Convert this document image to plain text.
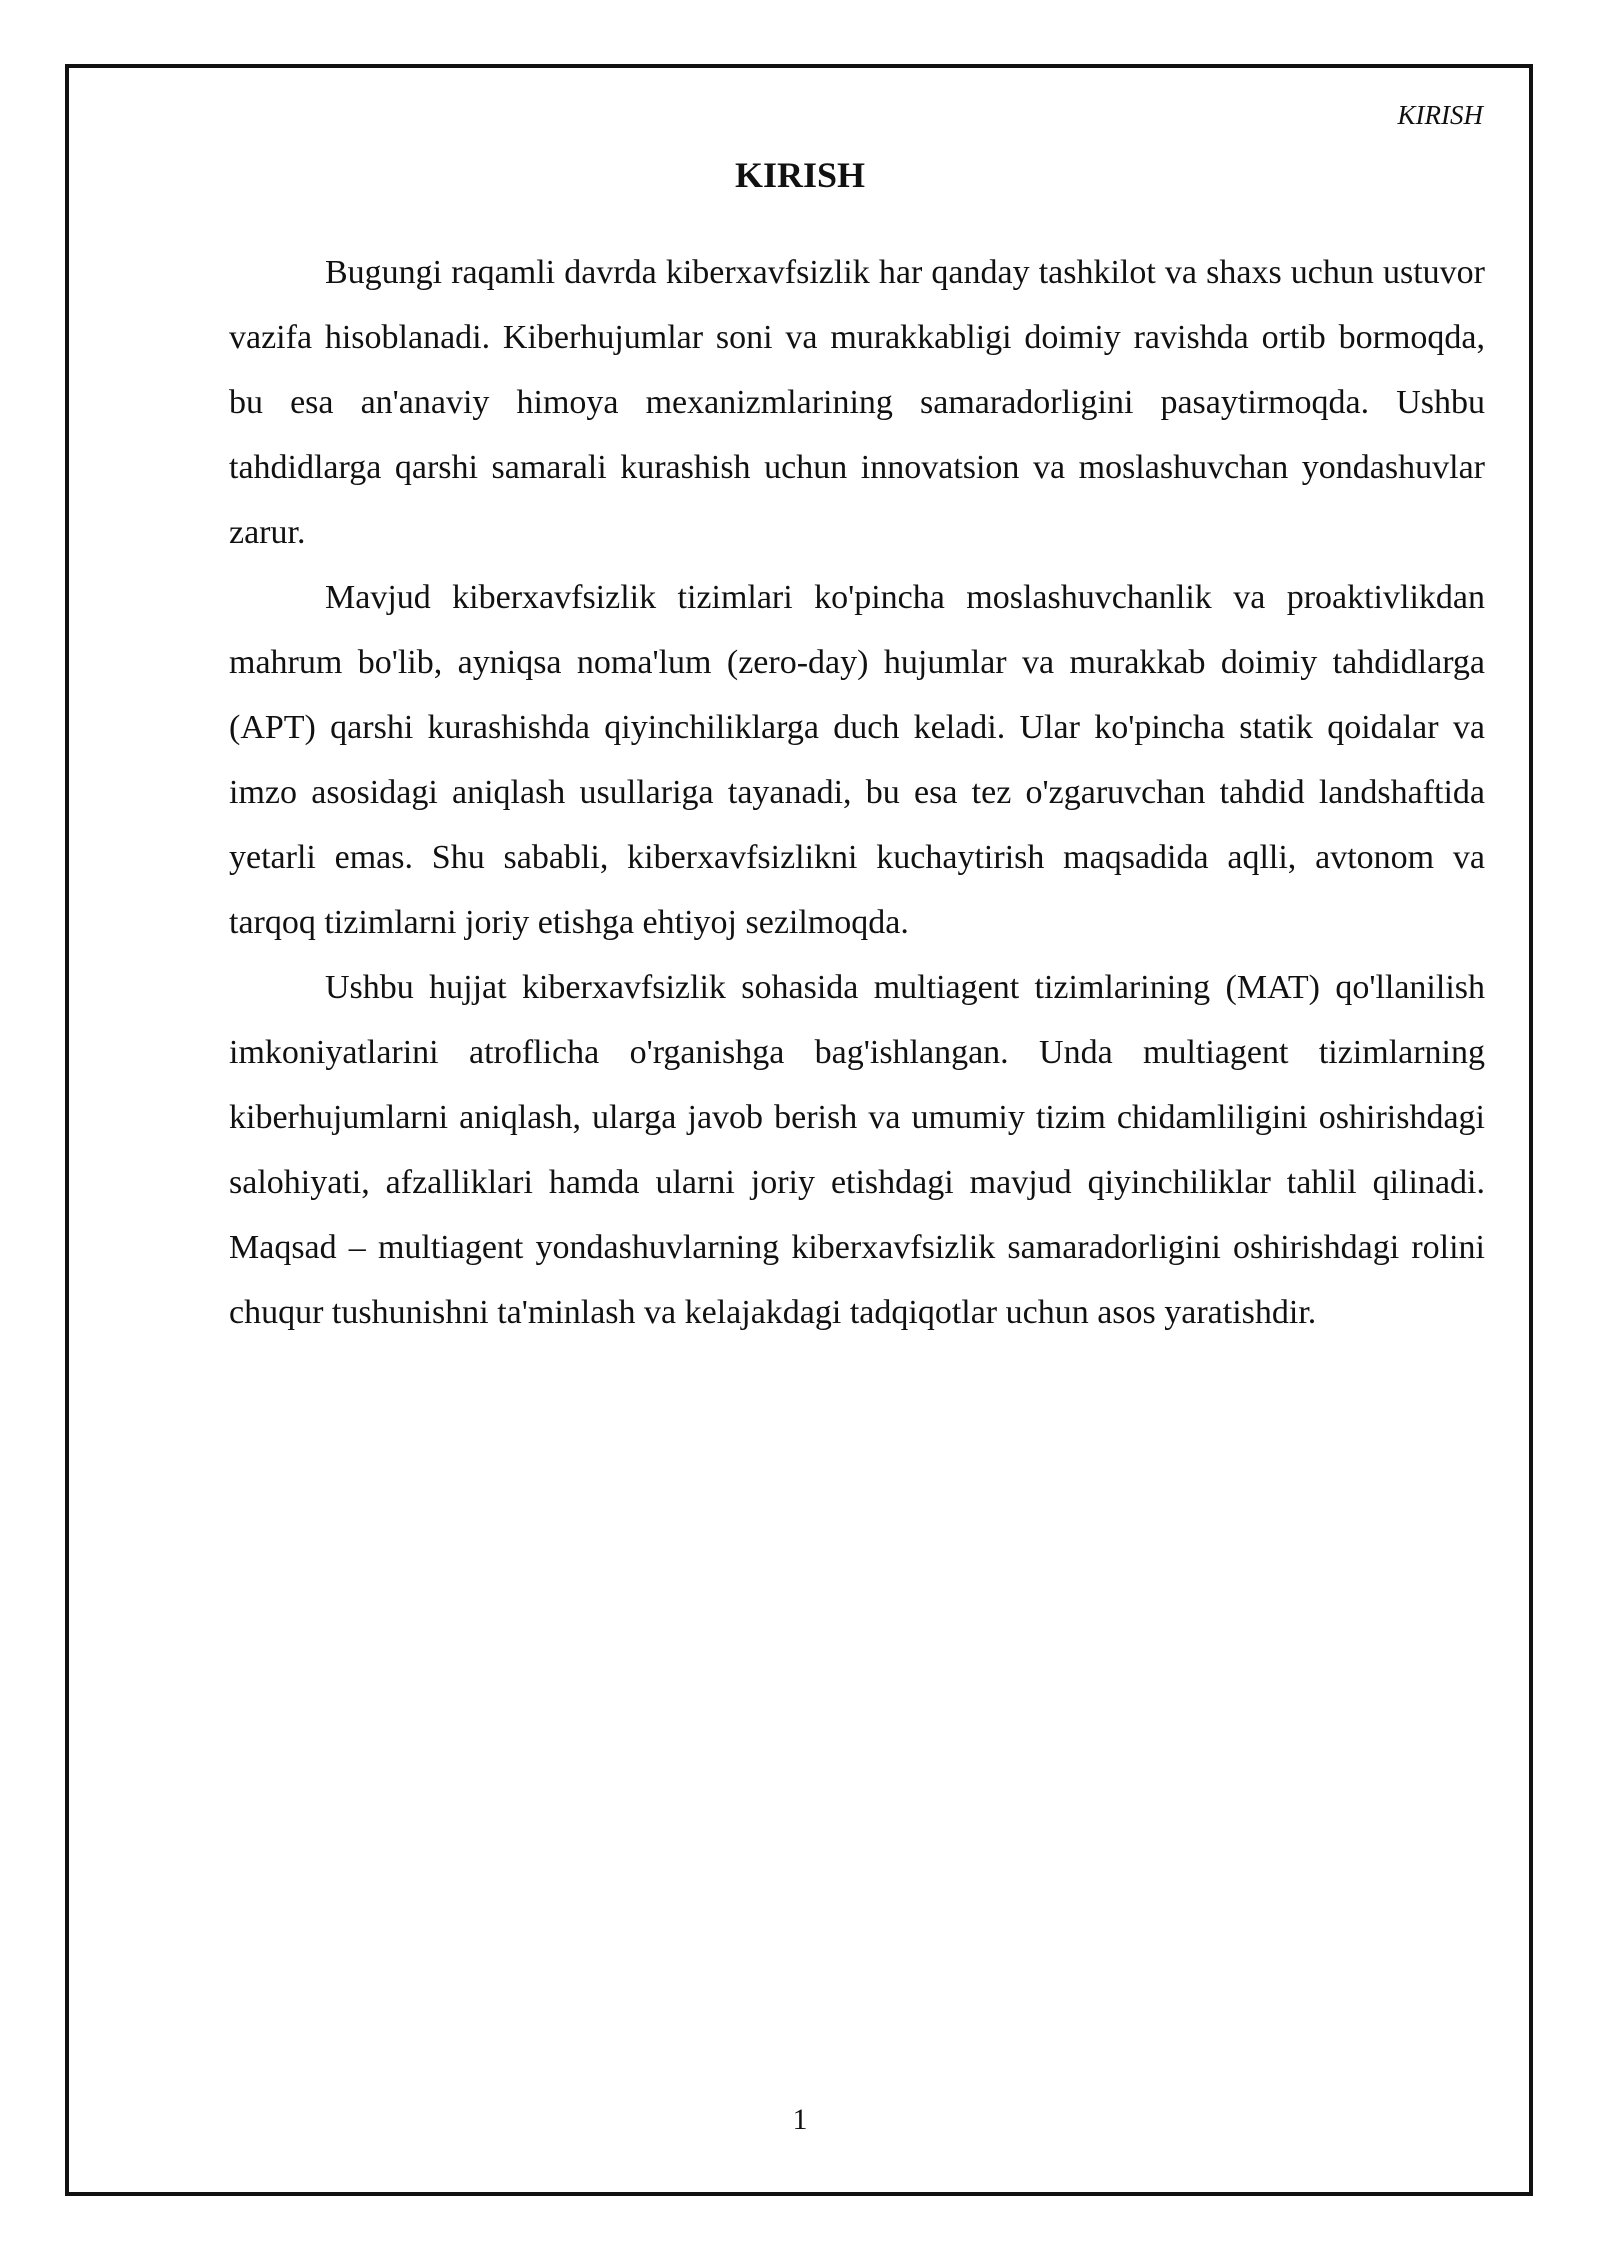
KIRISH
KIRISH

Bugungi raqamli davrda kiberxavfsizlik har qanday tashkilot va shaxs uchun ustuvor vazifa hisoblanadi. Kiberhujumlar soni va murakkabligi doimiy ravishda ortib bormoqda, bu esa an'anaviy himoya mexanizmlarining samaradorligini pasaytirmoqda. Ushbu tahdidlarga qarshi samarali kurashish uchun innovatsion va moslashuvchan yondashuvlar zarur.

Mavjud kiberxavfsizlik tizimlari ko'pincha moslashuvchanlik va proaktivlikdan mahrum bo'lib, ayniqsa noma'lum (zero-day) hujumlar va murakkab doimiy tahdidlarga (APT) qarshi kurashishda qiyinchiliklarga duch keladi. Ular ko'pincha statik qoidalar va imzo asosidagi aniqlash usullariga tayanadi, bu esa tez o'zgaruvchan tahdid landshaftida yetarli emas. Shu sababli, kiberxavfsizlikni kuchaytirish maqsadida aqlli, avtonom va tarqoq tizimlarni joriy etishga ehtiyoj sezilmoqda.

Ushbu hujjat kiberxavfsizlik sohasida multiagent tizimlarining (MAT) qo'llanilish imkoniyatlarini atroflicha o'rganishga bag'ishlangan. Unda multiagent tizimlarning kiberhujumlarni aniqlash, ularga javob berish va umumiy tizim chidamliligini oshirishdagi salohiyati, afzalliklari hamda ularni joriy etishdagi mavjud qiyinchiliklar tahlil qilinadi. Maqsad – multiagent yondashuvlarning kiberxavfsizlik samaradorligini oshirishdagi rolini chuqur tushunishni ta'minlash va kelajakdagi tadqiqotlar uchun asos yaratishdir.

1
